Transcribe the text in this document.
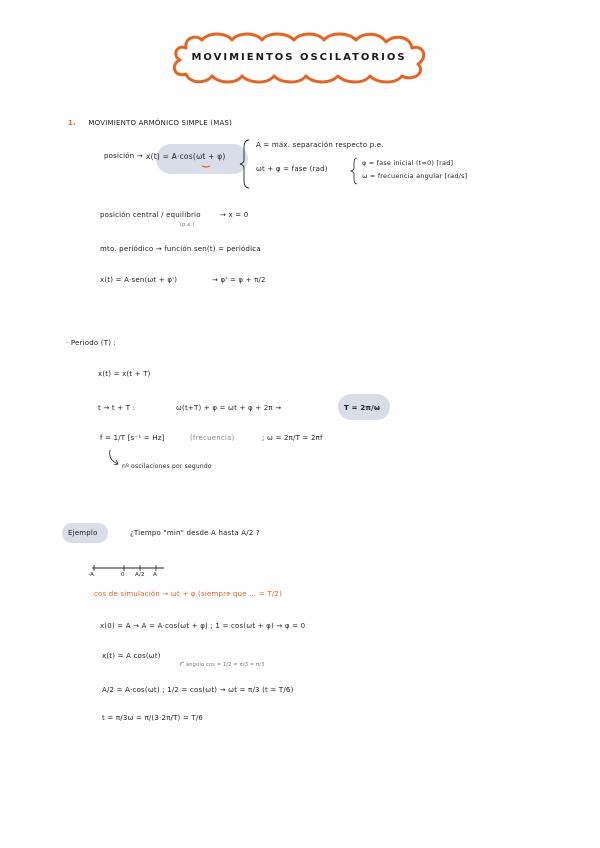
MOVIMIENTOS OSCILATORIOS
1. MOVIMIENTO ARMÓNICO SIMPLE (MAS)
posición → x(t) = A·cos(ωt + φ)
A = máx. separación respecto p.e.
ωt + φ = fase (rad)
φ = fase inicial (t=0) [rad]
ω = frecuencia angular [rad/s]
posición central / equilibrio
(p.e.)
→ x = 0
mto. periódico → función sen(t) = periódica
x(t) = A·sen(ωt + φ')	→ φ' = φ + π/2
· Periodo (T) :
x(t) = x(t + T)
t → t + T :	ω(t+T) + φ = ωt + φ + 2π →	T = 2π/ω
f = 1/T [s⁻¹ = Hz]	(frecuencia)	; ω = 2π/T = 2πf
nº oscilaciones por segundo
Ejemplo	¿Tiempo "min" desde A hasta A/2 ?
-A	0 A/2 A
cos de simulación → ωt + φ (siempre que ... = T/2)
x(0) = A → A = A·cos(ωt + φ) ; 1 = cos(ωt + φ) → φ = 0
x(t) = A cos(ωt)
ángulo cos = 1/2 = π/3 = π/3
A/2 = A·cos(ωt) ; 1/2 = cos(ωt) → ωt = π/3 (t = T/6)
t = π/3ω = π/(3·2π/T) = T/6
